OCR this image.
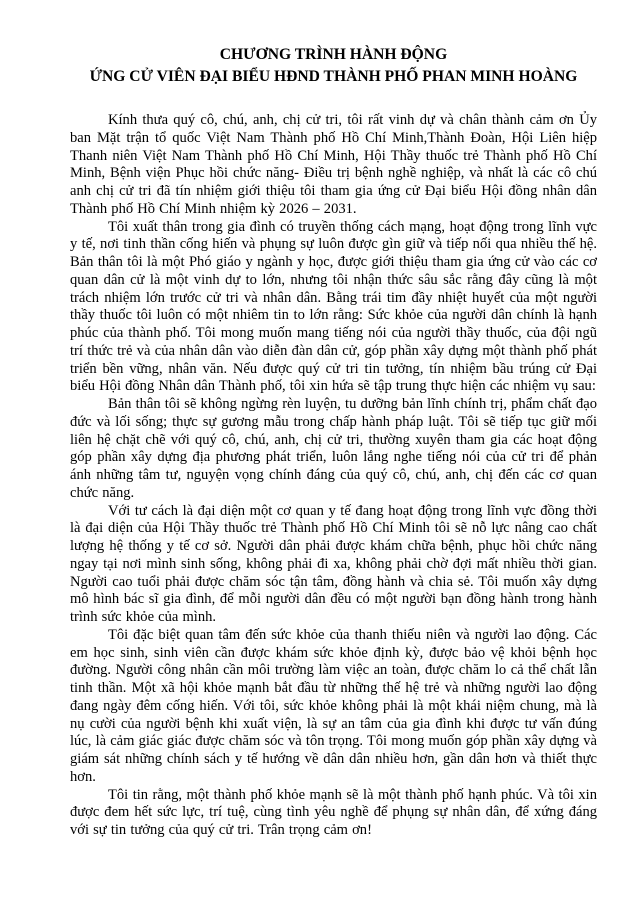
CHƯƠNG TRÌNH HÀNH ĐỘNG
ỨNG CỬ VIÊN ĐẠI BIỂU HĐND THÀNH PHỐ PHAN MINH HOÀNG

Kính thưa quý cô, chú, anh, chị cử tri, tôi rất vinh dự và chân thành cảm ơn Ủy ban Mặt trận tổ quốc Việt Nam Thành phố Hồ Chí Minh,Thành Đoàn, Hội Liên hiệp Thanh niên Việt Nam Thành phố Hồ Chí Minh, Hội Thầy thuốc trẻ Thành phố Hồ Chí Minh, Bệnh viện Phục hồi chức năng- Điều trị bệnh nghề nghiệp, và nhất là các cô chú anh chị cử tri đã tín nhiệm giới thiệu tôi tham gia ứng cử Đại biểu Hội đồng nhân dân Thành phố Hồ Chí Minh nhiệm kỳ 2026 – 2031.

Tôi xuất thân trong gia đình có truyền thống cách mạng, hoạt động trong lĩnh vực y tế, nơi tinh thần cống hiến và phụng sự luôn được gìn giữ và tiếp nối qua nhiều thế hệ. Bản thân tôi là một Phó giáo y ngành y học, được giới thiệu tham gia ứng cử vào các cơ quan dân cử là một vinh dự to lớn, nhưng tôi nhận thức sâu sắc rằng đây cũng là một trách nhiệm lớn trước cử tri và nhân dân. Bằng trái tim đầy nhiệt huyết của một người thầy thuốc tôi luôn có một nhiêm tin to lớn rằng: Sức khỏe của người dân chính là hạnh phúc của thành phố. Tôi mong muốn mang tiếng nói của người thầy thuốc, của đội ngũ trí thức trẻ và của nhân dân vào diễn đàn dân cử, góp phần xây dựng một thành phố phát triển bền vững, nhân văn. Nếu được quý cử tri tin tưởng, tín nhiệm bầu trúng cử Đại biểu Hội đồng Nhân dân Thành phố, tôi xin hứa sẽ tập trung thực hiện các nhiệm vụ sau:

Bản thân tôi sẽ không ngừng rèn luyện, tu dưỡng bản lĩnh chính trị, phẩm chất đạo đức và lối sống; thực sự gương mẫu trong chấp hành pháp luật. Tôi sẽ tiếp tục giữ mối liên hệ chặt chẽ với quý cô, chú, anh, chị cử tri, thường xuyên tham gia các hoạt động góp phần xây dựng địa phương phát triển, luôn lắng nghe tiếng nói của cử tri để phản ánh những tâm tư, nguyện vọng chính đáng của quý cô, chú, anh, chị đến các cơ quan chức năng.

Với tư cách là đại diện một cơ quan y tế đang hoạt động trong lĩnh vực đồng thời là đại diện của Hội Thầy thuốc trẻ Thành phố Hồ Chí Minh tôi sẽ nỗ lực nâng cao chất lượng hệ thống y tế cơ sở. Người dân phải được khám chữa bệnh, phục hồi chức năng ngay tại nơi mình sinh sống, không phải đi xa, không phải chờ đợi mất nhiều thời gian. Người cao tuổi phải được chăm sóc tận tâm, đồng hành và chia sẻ. Tôi muốn xây dựng mô hình bác sĩ gia đình, để mỗi người dân đều có một người bạn đồng hành trong hành trình sức khỏe của mình.

Tôi đặc biệt quan tâm đến sức khỏe của thanh thiếu niên và người lao động. Các em học sinh, sinh viên cần được khám sức khỏe định kỳ, được bảo vệ khỏi bệnh học đường. Người công nhân cần môi trường làm việc an toàn, được chăm lo cả thể chất lẫn tinh thần. Một xã hội khỏe mạnh bắt đầu từ những thế hệ trẻ và những người lao động đang ngày đêm cống hiến. Với tôi, sức khỏe không phải là một khái niệm chung, mà là nụ cười của người bệnh khi xuất viện, là sự an tâm của gia đình khi được tư vấn đúng lúc, là cảm giác giác được chăm sóc và tôn trọng. Tôi mong muốn góp phần xây dựng và giám sát những chính sách y tế hướng về dân dân nhiều hơn, gần dân hơn và thiết thực hơn.

Tôi tin rằng, một thành phố khỏe mạnh sẽ là một thành phố hạnh phúc. Và tôi xin được đem hết sức lực, trí tuệ, cùng tình yêu nghề để phụng sự nhân dân, để xứng đáng với sự tin tưởng của quý cử tri. Trân trọng cảm ơn!
